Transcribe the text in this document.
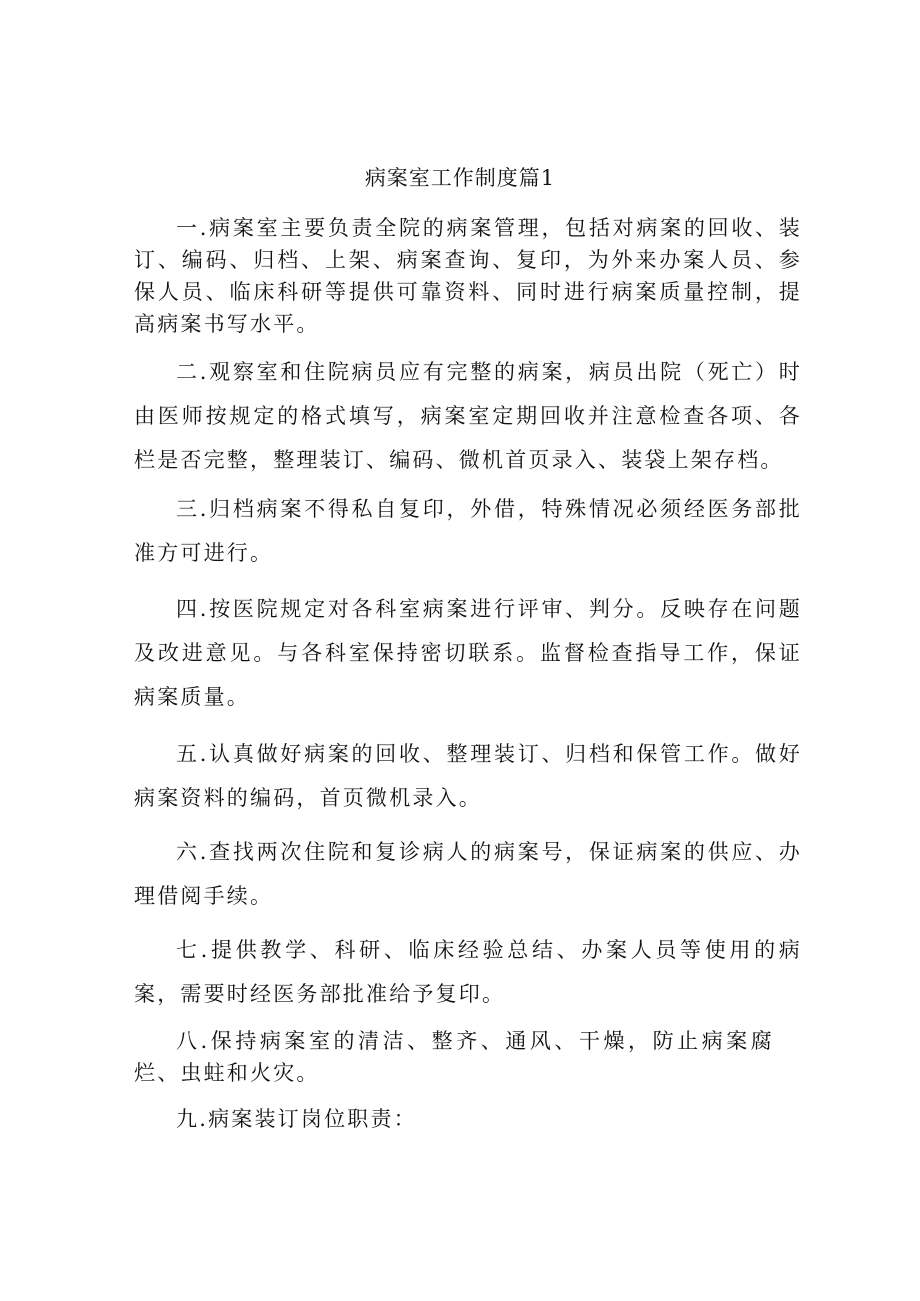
病案室工作制度篇1

一.病案室主要负责全院的病案管理，包括对病案的回收、装订、编码、归档、上架、病案查询、复印，为外来办案人员、参保人员、临床科研等提供可靠资料、同时进行病案质量控制，提高病案书写水平。

二.观察室和住院病员应有完整的病案，病员出院（死亡）时由医师按规定的格式填写，病案室定期回收并注意检查各项、各栏是否完整，整理装订、编码、微机首页录入、装袋上架存档。

三.归档病案不得私自复印，外借，特殊情况必须经医务部批准方可进行。

四.按医院规定对各科室病案进行评审、判分。反映存在问题及改进意见。与各科室保持密切联系。监督检查指导工作，保证病案质量。

五.认真做好病案的回收、整理装订、归档和保管工作。做好病案资料的编码，首页微机录入。

六.查找两次住院和复诊病人的病案号，保证病案的供应、办理借阅手续。

七.提供教学、科研、临床经验总结、办案人员等使用的病案，需要时经医务部批准给予复印。

八.保持病案室的清洁、整齐、通风、干燥，防止病案腐烂、虫蛀和火灾。

九.病案装订岗位职责：
